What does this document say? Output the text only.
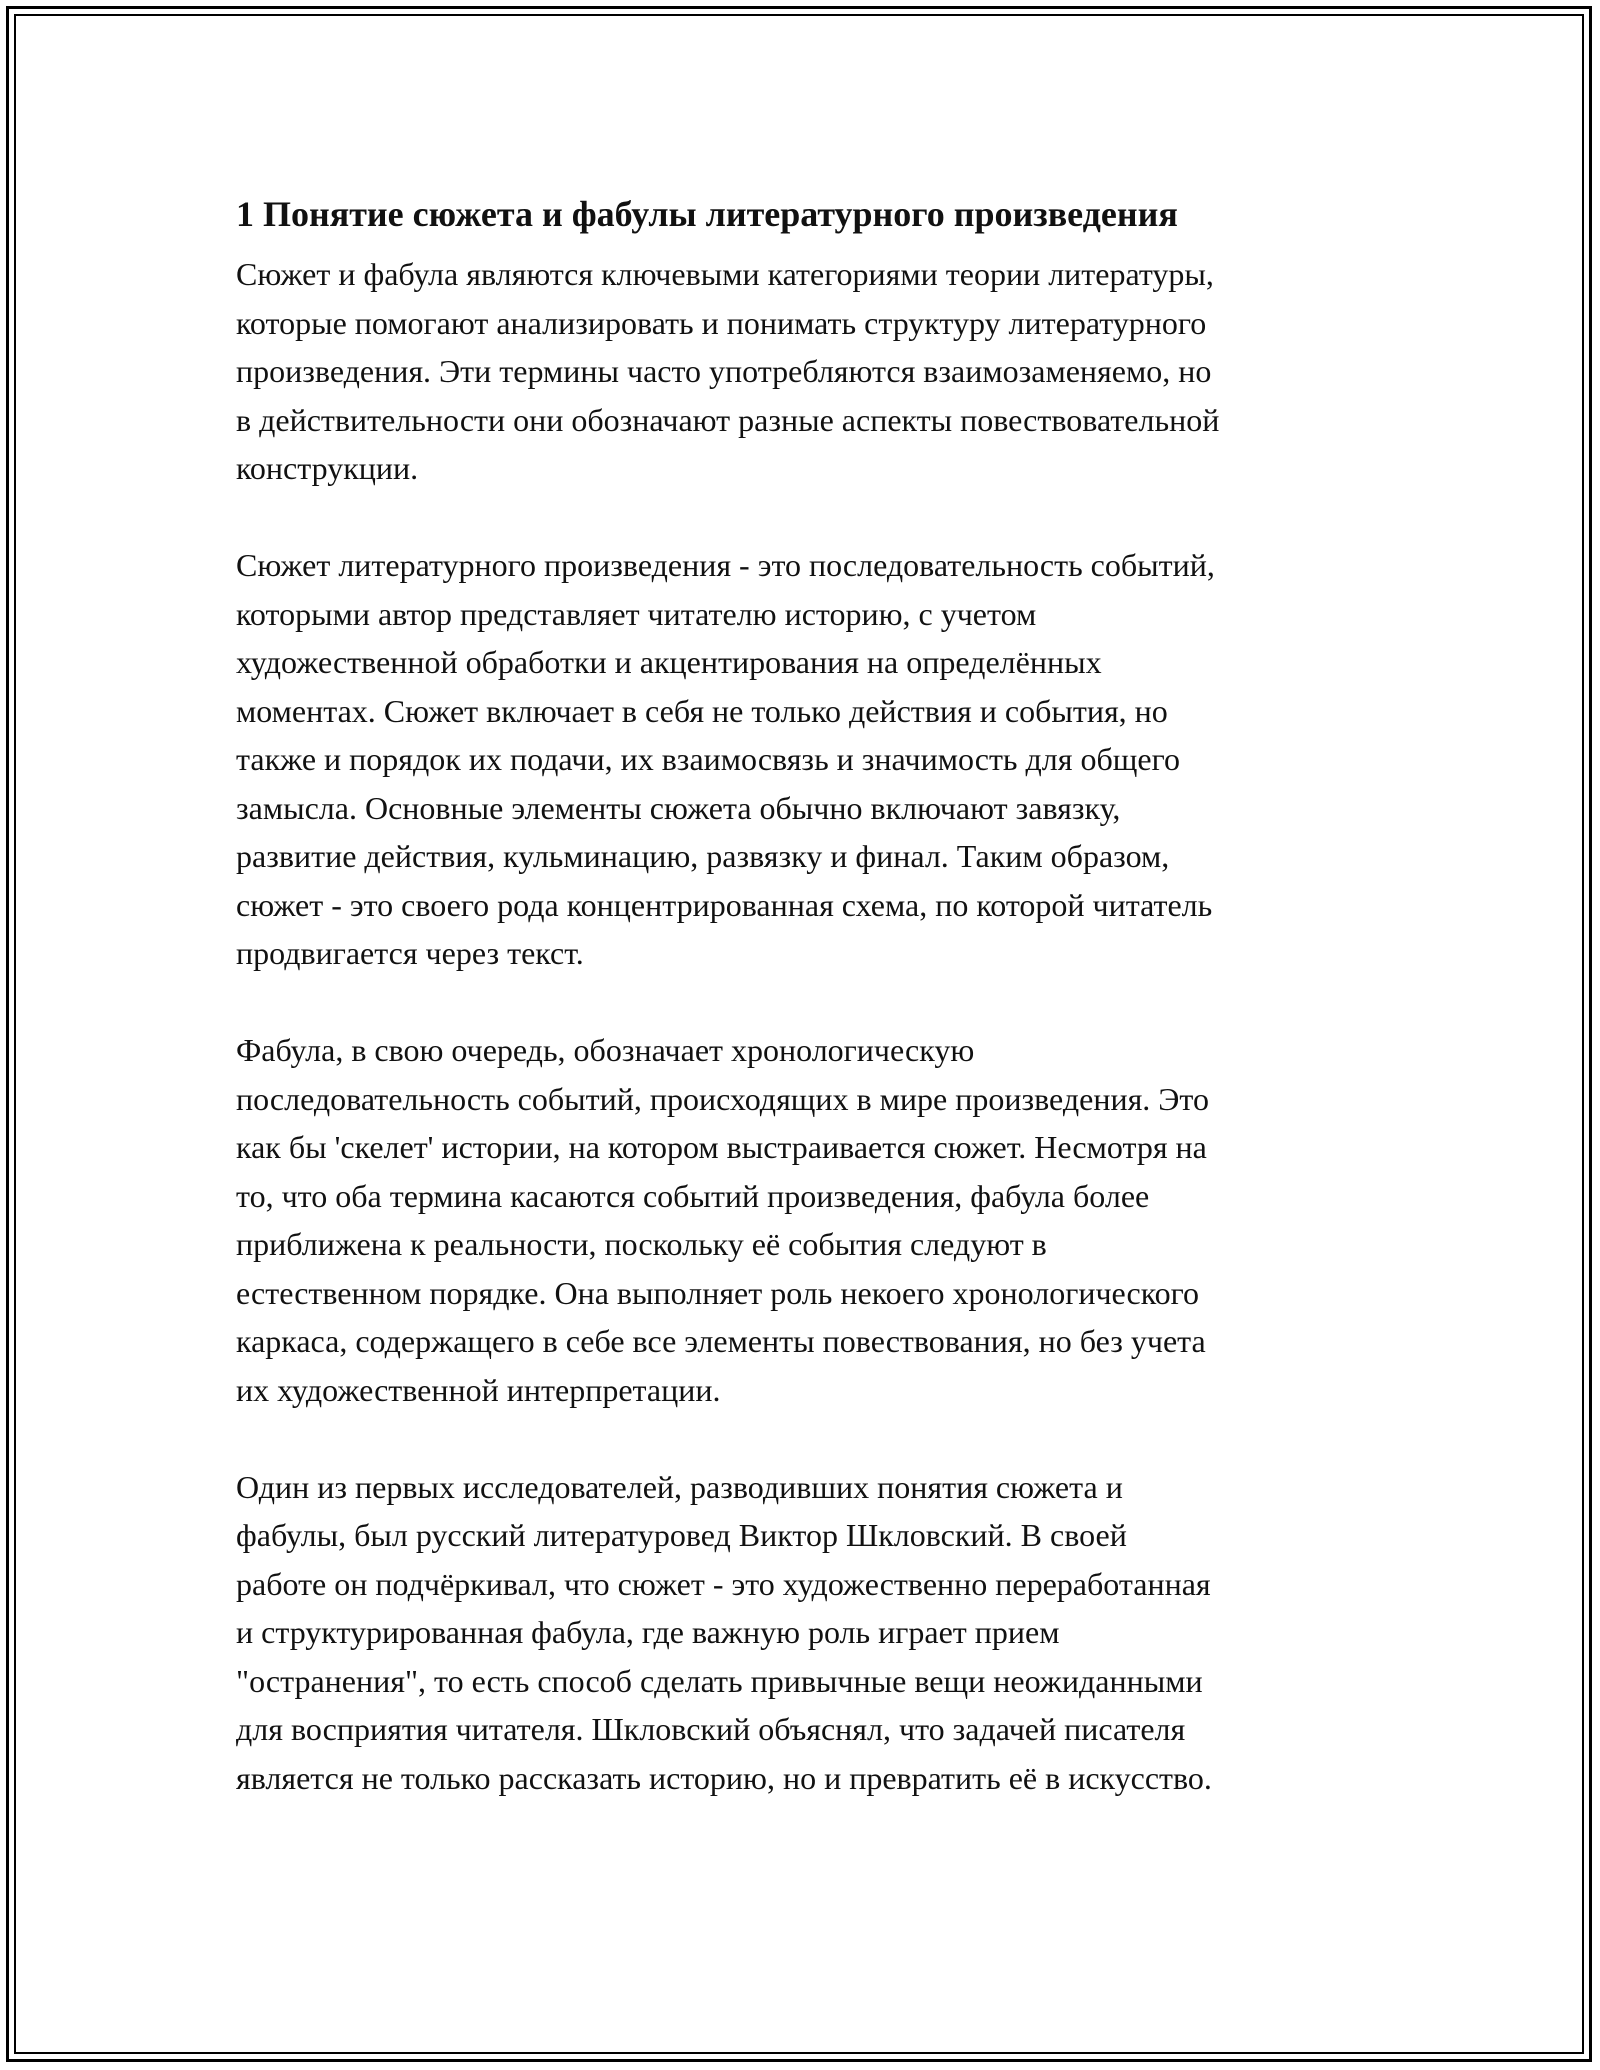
1 Понятие сюжета и фабулы литературного произведения

Сюжет и фабула являются ключевыми категориями теории литературы,
которые помогают анализировать и понимать структуру литературного
произведения. Эти термины часто употребляются взаимозаменяемо, но
в действительности они обозначают разные аспекты повествовательной
конструкции.

Сюжет литературного произведения - это последовательность событий,
которыми автор представляет читателю историю, с учетом
художественной обработки и акцентирования на определённых
моментах. Сюжет включает в себя не только действия и события, но
также и порядок их подачи, их взаимосвязь и значимость для общего
замысла. Основные элементы сюжета обычно включают завязку,
развитие действия, кульминацию, развязку и финал. Таким образом,
сюжет - это своего рода концентрированная схема, по которой читатель
продвигается через текст.

Фабула, в свою очередь, обозначает хронологическую
последовательность событий, происходящих в мире произведения. Это
как бы 'скелет' истории, на котором выстраивается сюжет. Несмотря на
то, что оба термина касаются событий произведения, фабула более
приближена к реальности, поскольку её события следуют в
естественном порядке. Она выполняет роль некоего хронологического
каркаса, содержащего в себе все элементы повествования, но без учета
их художественной интерпретации.

Один из первых исследователей, разводивших понятия сюжета и
фабулы, был русский литературовед Виктор Шкловский. В своей
работе он подчёркивал, что сюжет - это художественно переработанная
и структурированная фабула, где важную роль играет прием
"остранения", то есть способ сделать привычные вещи неожиданными
для восприятия читателя. Шкловский объяснял, что задачей писателя
является не только рассказать историю, но и превратить её в искусство.
